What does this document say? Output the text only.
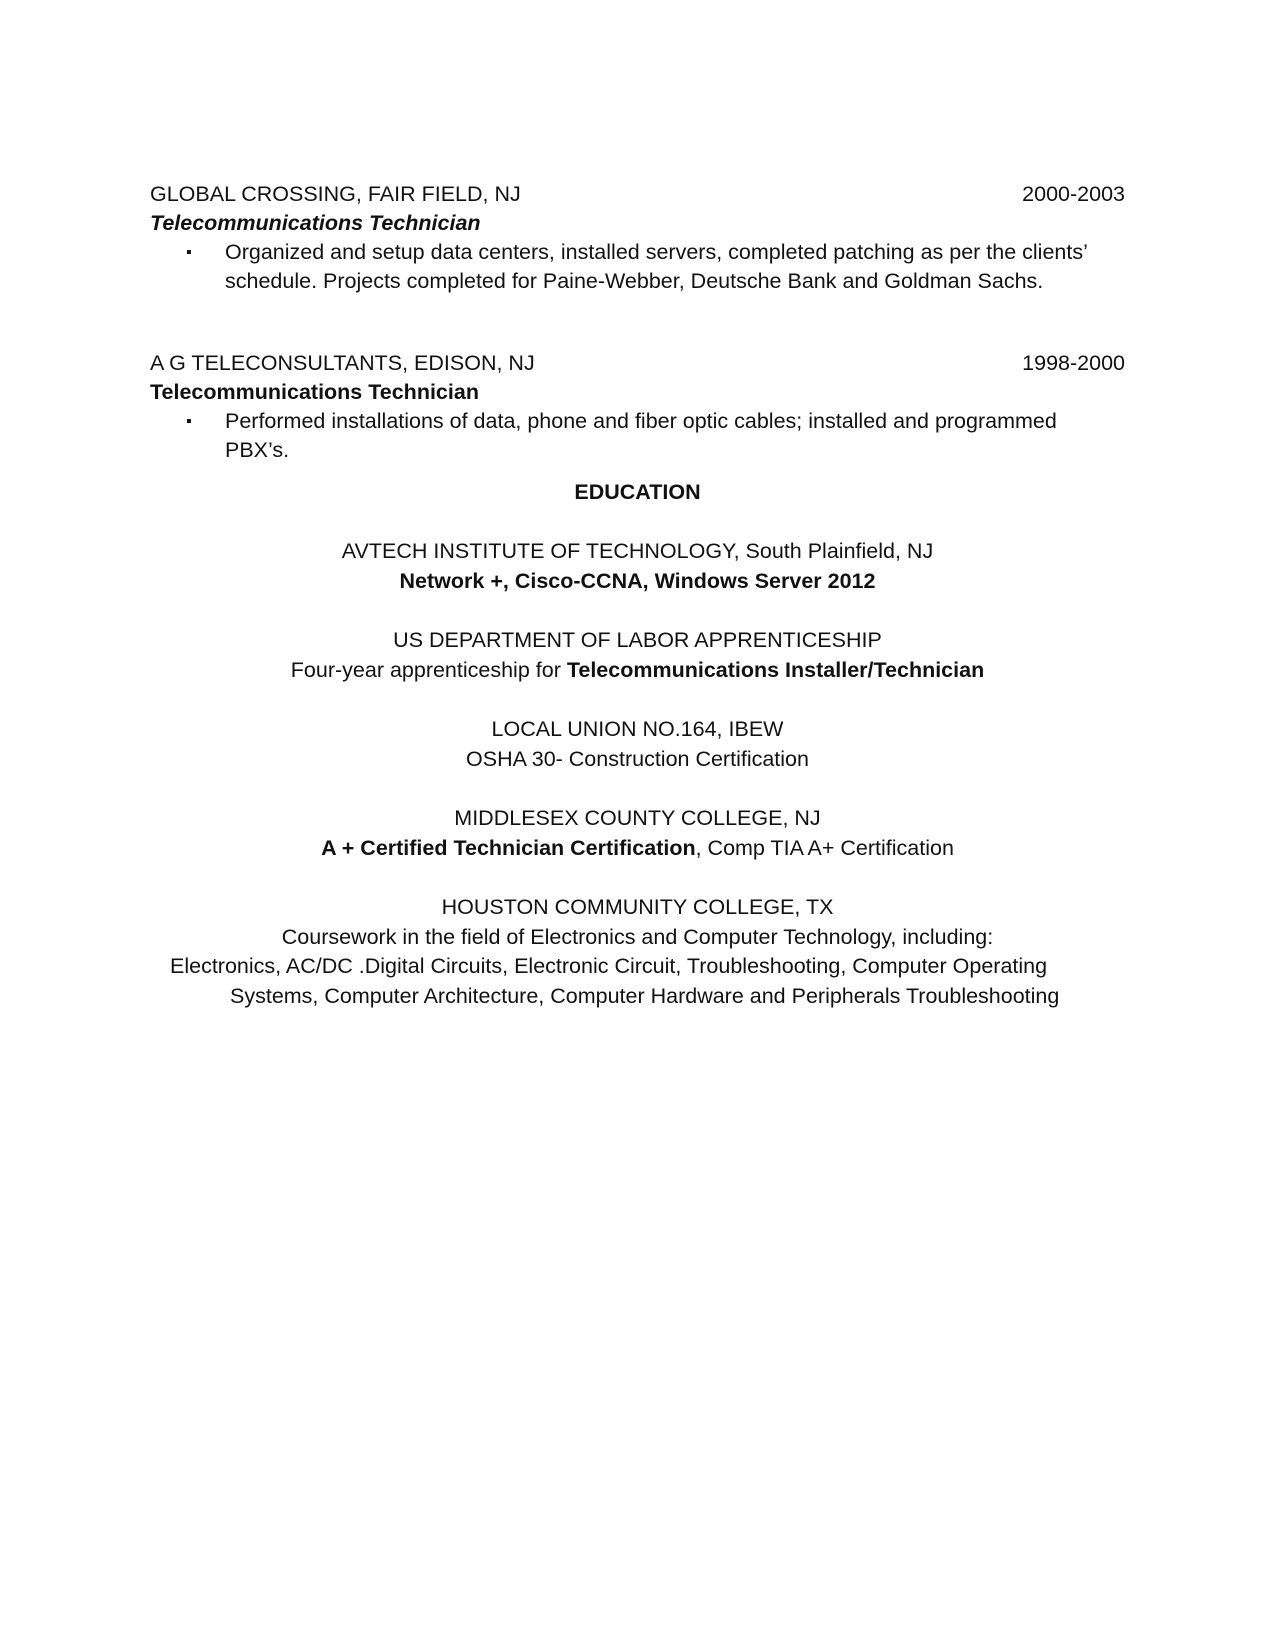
GLOBAL CROSSING, FAIR FIELD, NJ	2000-2003
Telecommunications Technician
▪ Organized and setup data centers, installed servers, completed patching as per the clients’ schedule. Projects completed for Paine-Webber, Deutsche Bank and Goldman Sachs.
A G TELECONSULTANTS, EDISON, NJ	1998-2000
Telecommunications Technician
▪ Performed installations of data, phone and fiber optic cables; installed and programmed PBX’s.
EDUCATION
AVTECH INSTITUTE OF TECHNOLOGY, South Plainfield, NJ
Network +, Cisco-CCNA, Windows Server 2012
US DEPARTMENT OF LABOR APPRENTICESHIP
Four-year apprenticeship for Telecommunications Installer/Technician
LOCAL UNION NO.164, IBEW
OSHA 30- Construction Certification
MIDDLESEX COUNTY COLLEGE, NJ
A + Certified Technician Certification, Comp TIA A+ Certification
HOUSTON COMMUNITY COLLEGE, TX
Coursework in the field of Electronics and Computer Technology, including:
Electronics, AC/DC .Digital Circuits, Electronic Circuit, Troubleshooting, Computer Operating
Systems, Computer Architecture, Computer Hardware and Peripherals Troubleshooting
